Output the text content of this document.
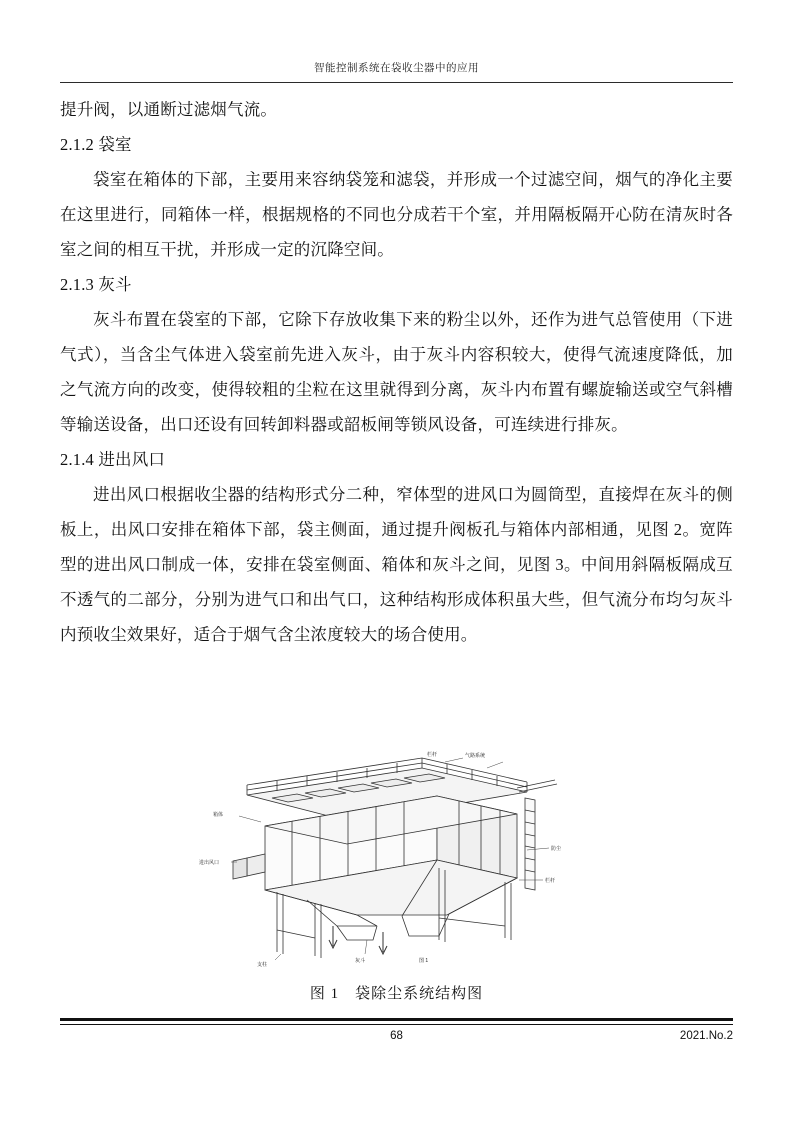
智能控制系统在袋收尘器中的应用

提升阀，以通断过滤烟气流。

2.1.2 袋室

袋室在箱体的下部，主要用来容纳袋笼和滤袋，并形成一个过滤空间，烟气的净化主要在这里进行，同箱体一样，根据规格的不同也分成若干个室，并用隔板隔开心防在清灰时各室之间的相互干扰，并形成一定的沉降空间。

2.1.3 灰斗

灰斗布置在袋室的下部，它除下存放收集下来的粉尘以外，还作为进气总管使用（下进气式），当含尘气体进入袋室前先进入灰斗，由于灰斗内容积较大，使得气流速度降低，加之气流方向的改变，使得较粗的尘粒在这里就得到分离，灰斗内布置有螺旋输送或空气斜槽等输送设备，出口还设有回转卸料器或韶板闸等锁风设备，可连续进行排灰。

2.1.4 进出风口

进出风口根据收尘器的结构形式分二种，窄体型的进风口为圆筒型，直接焊在灰斗的侧板上，出风口安排在箱体下部，袋主侧面，通过提升阀板孔与箱体内部相通，见图 2。宽阵型的进出风口制成一体，安排在袋室侧面、箱体和灰斗之间，见图 3。中间用斜隔板隔成互不透气的二部分，分别为进气口和出气口，这种结构形成体积虽大些，但气流分布均匀灰斗内预收尘效果好，适合于烟气含尘浓度较大的场合使用。

气路系统
栏杆
箱体
进出风口
防尘
栏杆
支柱
灰斗	图 1
图 1　袋除尘系统结构图
68	2021.No.2
